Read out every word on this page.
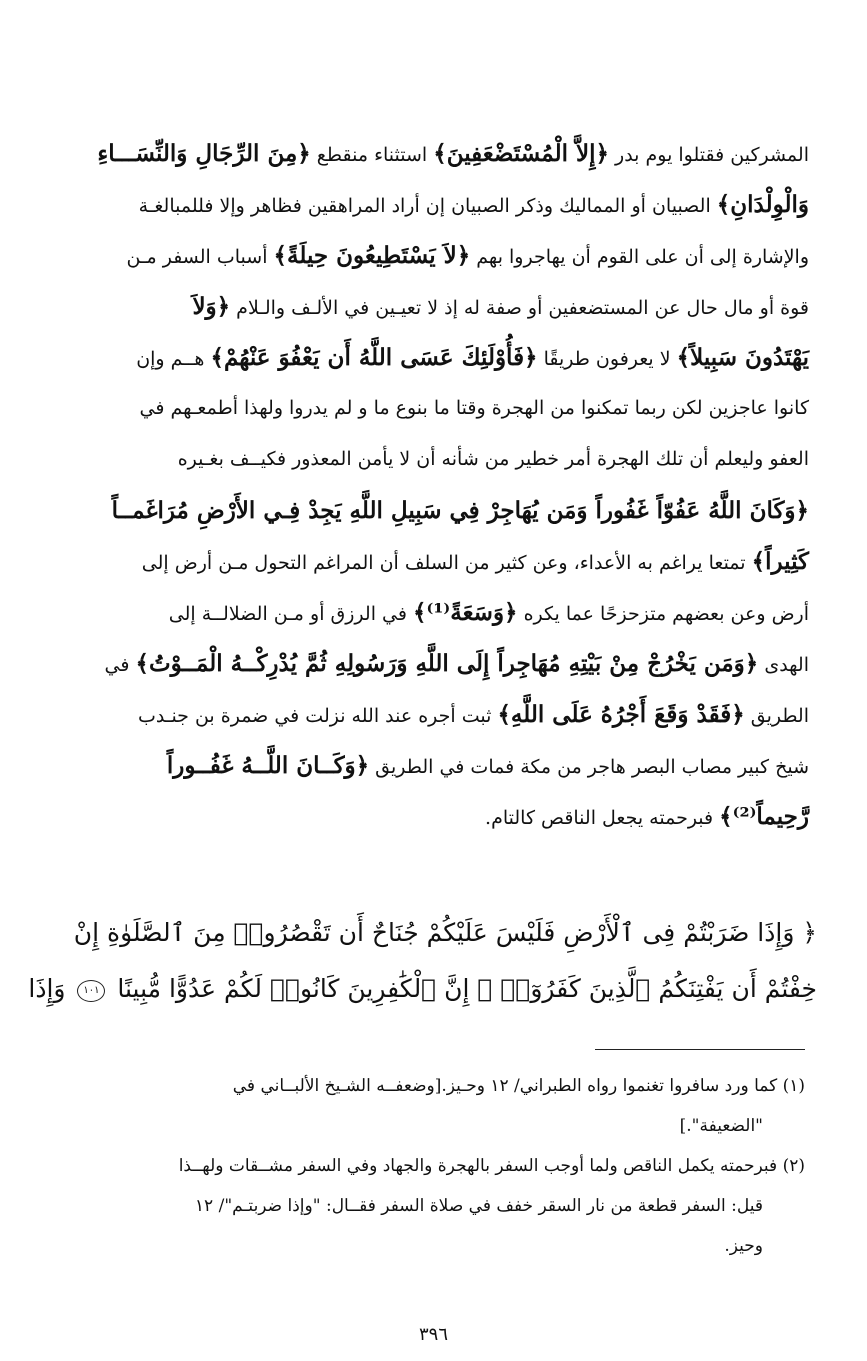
المشركين فقتلوا يوم بدر ﴿إِلاَّ الْمُسْتَضْعَفِينَ﴾ استثناء منقطع ﴿مِنَ الرِّجَالِ وَالنِّسَـــاءِ
وَالْوِلْدَانِ﴾ الصبيان أو المماليك وذكر الصبيان إن أراد المراهقين فظاهر وإلا فللمبالغـة
والإشارة إلى أن على القوم أن يهاجروا بهم ﴿لاَ يَسْتَطِيعُونَ حِيلَةً﴾ أسباب السفر مـن
قوة أو مال حال عن المستضعفين أو صفة له إذ لا تعيـين في الألـف والـلام ﴿وَلاَ
يَهْتَدُونَ سَبِيلاً﴾ لا يعرفون طريقًا ﴿فَأُوْلَئِكَ عَسَى اللَّهُ أَن يَعْفُوَ عَنْهُمْ﴾ هــم وإن
كانوا عاجزين لكن ربما تمكنوا من الهجرة وقتا ما بنوع ما و لم يدروا ولهذا أطمعـهم في
العفو وليعلم أن تلك الهجرة أمر خطير من شأنه أن لا يأمن المعذور فكيــف بغـيره
﴿وَكَانَ اللَّهُ عَفُوّاً غَفُوراً وَمَن يُهَاجِرْ فِي سَبِيلِ اللَّهِ يَجِدْ فِـي الأَرْضِ مُرَاغَمــاً
كَثِيراً﴾ تمتعا يراغم به الأعداء، وعن كثير من السلف أن المراغم التحول مـن أرض إلى
أرض وعن بعضهم متزحزحًا عما يكره ﴿وَسَعَةً⁽¹⁾﴾ في الرزق أو مـن الضلالــة إلى
الهدى ﴿وَمَن يَخْرُجْ مِنْ بَيْتِهِ مُهَاجِراً إِلَى اللَّهِ وَرَسُولِهِ ثُمَّ يُدْرِكْــهُ الْمَــوْتُ﴾ في
الطريق ﴿فَقَدْ وَقَعَ أَجْرُهُ عَلَى اللَّهِ﴾ ثبت أجره عند الله نزلت في ضمرة بن جنـدب
شيخ كبير مصاب البصر هاجر من مكة فمات في الطريق ﴿وَكَــانَ اللَّــهُ غَفُــوراً
رَّحِيماً⁽²⁾﴾ فبرحمته يجعل الناقص كالتام.
﴿ وَإِذَا ضَرَبْتُمْ فِى ٱلْأَرْضِ فَلَيْسَ عَلَيْكُمْ جُنَاحٌ أَن تَقْصُرُوا۟ مِنَ ٱلصَّلَوٰةِ إِنْ
خِفْتُمْ أَن يَفْتِنَكُمُ ٱلَّذِينَ كَفَرُوٓا۟ ۚ إِنَّ ٱلْكَٰفِرِينَ كَانُوا۟ لَكُمْ عَدُوًّا مُّبِينًا ١٠١ وَإِذَا
(١) كما ورد سافروا تغنموا رواه الطبراني/ ١٢ وحـيز.[وضعفــه الشـيخ الألبــاني في
"الضعيفة".]
(٢) فبرحمته يكمل الناقص ولما أوجب السفر بالهجرة والجهاد وفي السفر مشــقات ولهــذا
قيل: السفر قطعة من نار السقر خفف في صلاة السفر فقــال: "وإذا ضربتـم"/ ١٢
وحيز.
٣٩٦
